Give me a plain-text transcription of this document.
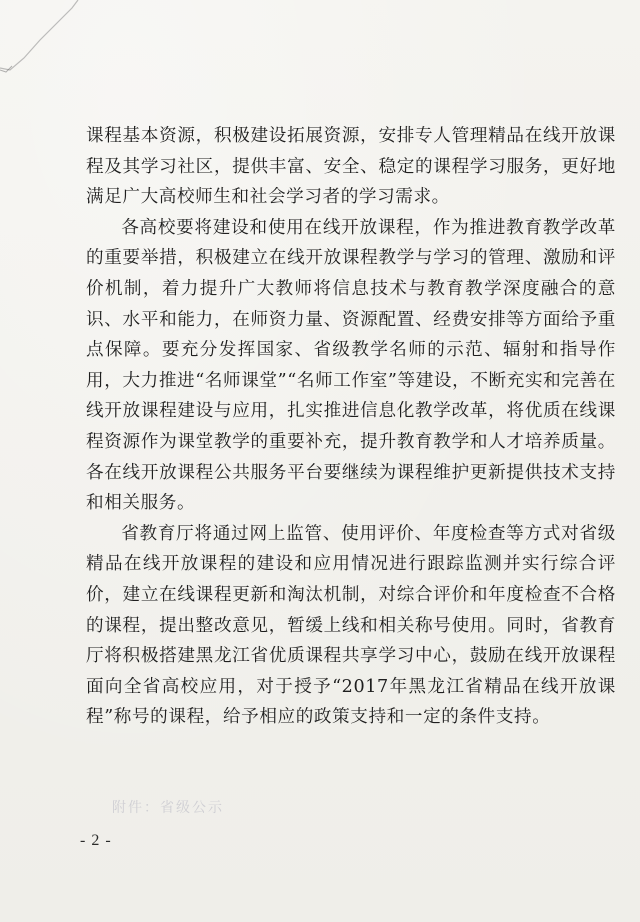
课程基本资源，积极建设拓展资源，安排专人管理精品在线开放课程及其学习社区，提供丰富、安全、稳定的课程学习服务，更好地满足广大高校师生和社会学习者的学习需求。

各高校要将建设和使用在线开放课程，作为推进教育教学改革的重要举措，积极建立在线开放课程教学与学习的管理、激励和评价机制，着力提升广大教师将信息技术与教育教学深度融合的意识、水平和能力，在师资力量、资源配置、经费安排等方面给予重点保障。要充分发挥国家、省级教学名师的示范、辐射和指导作用，大力推进“名师课堂”“名师工作室”等建设，不断充实和完善在线开放课程建设与应用，扎实推进信息化教学改革，将优质在线课程资源作为课堂教学的重要补充，提升教育教学和人才培养质量。各在线开放课程公共服务平台要继续为课程维护更新提供技术支持和相关服务。

省教育厅将通过网上监管、使用评价、年度检查等方式对省级精品在线开放课程的建设和应用情况进行跟踪监测并实行综合评价，建立在线课程更新和淘汰机制，对综合评价和年度检查不合格的课程，提出整改意见，暂缓上线和相关称号使用。同时，省教育厅将积极搭建黑龙江省优质课程共享学习中心，鼓励在线开放课程面向全省高校应用，对于授予“2017年黑龙江省精品在线开放课程”称号的课程，给予相应的政策支持和一定的条件支持。

附件：省级公示
- 2 -
